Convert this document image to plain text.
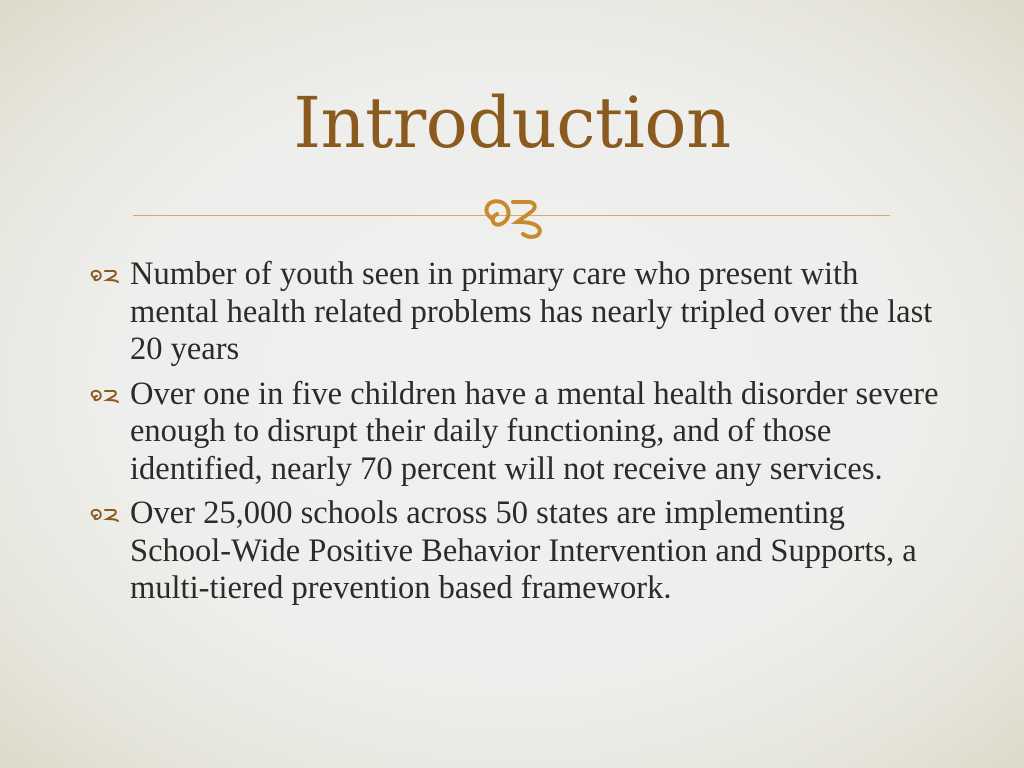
Introduction
Number of youth seen in primary care who present with mental health related problems has nearly tripled over the last 20 years
Over one in five children have a mental health disorder severe enough to disrupt their daily functioning, and of those identified, nearly 70 percent will not receive any services.
Over 25,000 schools across 50 states are implementing School-Wide Positive Behavior Intervention and Supports, a multi-tiered prevention based framework.
